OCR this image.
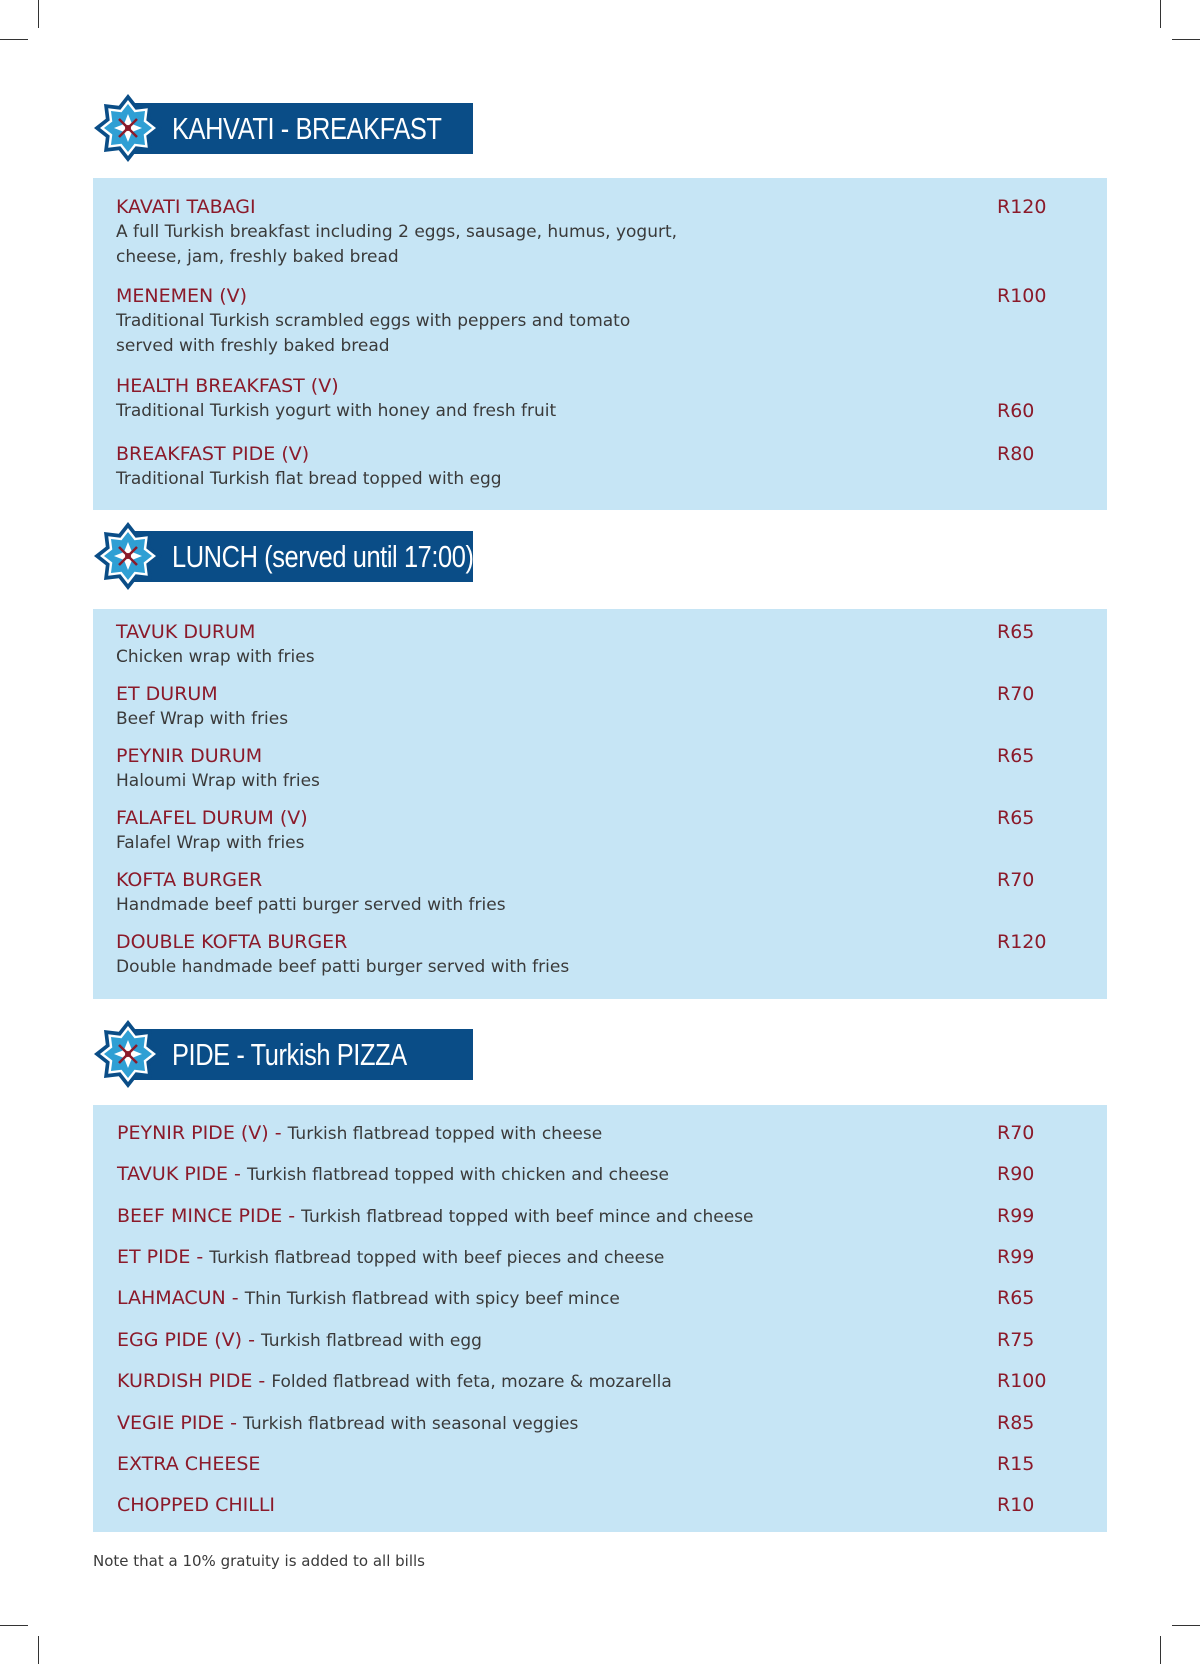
KAHVATI - BREAKFAST
KAVATI TABAGI
A full Turkish breakfast including 2 eggs, sausage, humus, yogurt, cheese, jam, freshly baked bread
R120
MENEMEN (V)
Traditional Turkish scrambled eggs with peppers and tomato served with freshly baked bread
R100
HEALTH BREAKFAST (V)
Traditional Turkish yogurt with honey and fresh fruit	R60
BREAKFAST PIDE (V)
Traditional Turkish flat bread topped with egg
R80
LUNCH (served until 17:00)
TAVUK DURUM
Chicken wrap with fries
R65
ET DURUM
Beef Wrap with fries
R70
PEYNIR DURUM
Haloumi Wrap with fries
R65
FALAFEL DURUM (V)
Falafel Wrap with fries
R65
KOFTA BURGER
Handmade beef patti burger served with fries
R70
DOUBLE KOFTA BURGER
Double handmade beef patti burger served with fries
R120
PIDE - Turkish PIZZA
PEYNIR PIDE (V) - Turkish flatbread topped with cheese	R70
TAVUK PIDE - Turkish flatbread topped with chicken and cheese	R90
BEEF MINCE PIDE - Turkish flatbread topped with beef mince and cheese	R99
ET PIDE - Turkish flatbread topped with beef pieces and cheese	R99
LAHMACUN - Thin Turkish flatbread with spicy beef mince	R65
EGG PIDE (V) - Turkish flatbread with egg	R75
KURDISH PIDE - Folded flatbread with feta, mozare & mozarella	R100
VEGIE PIDE - Turkish flatbread with seasonal veggies	R85
EXTRA CHEESE	R15
CHOPPED CHILLI	R10
Note that a 10% gratuity is added to all bills
